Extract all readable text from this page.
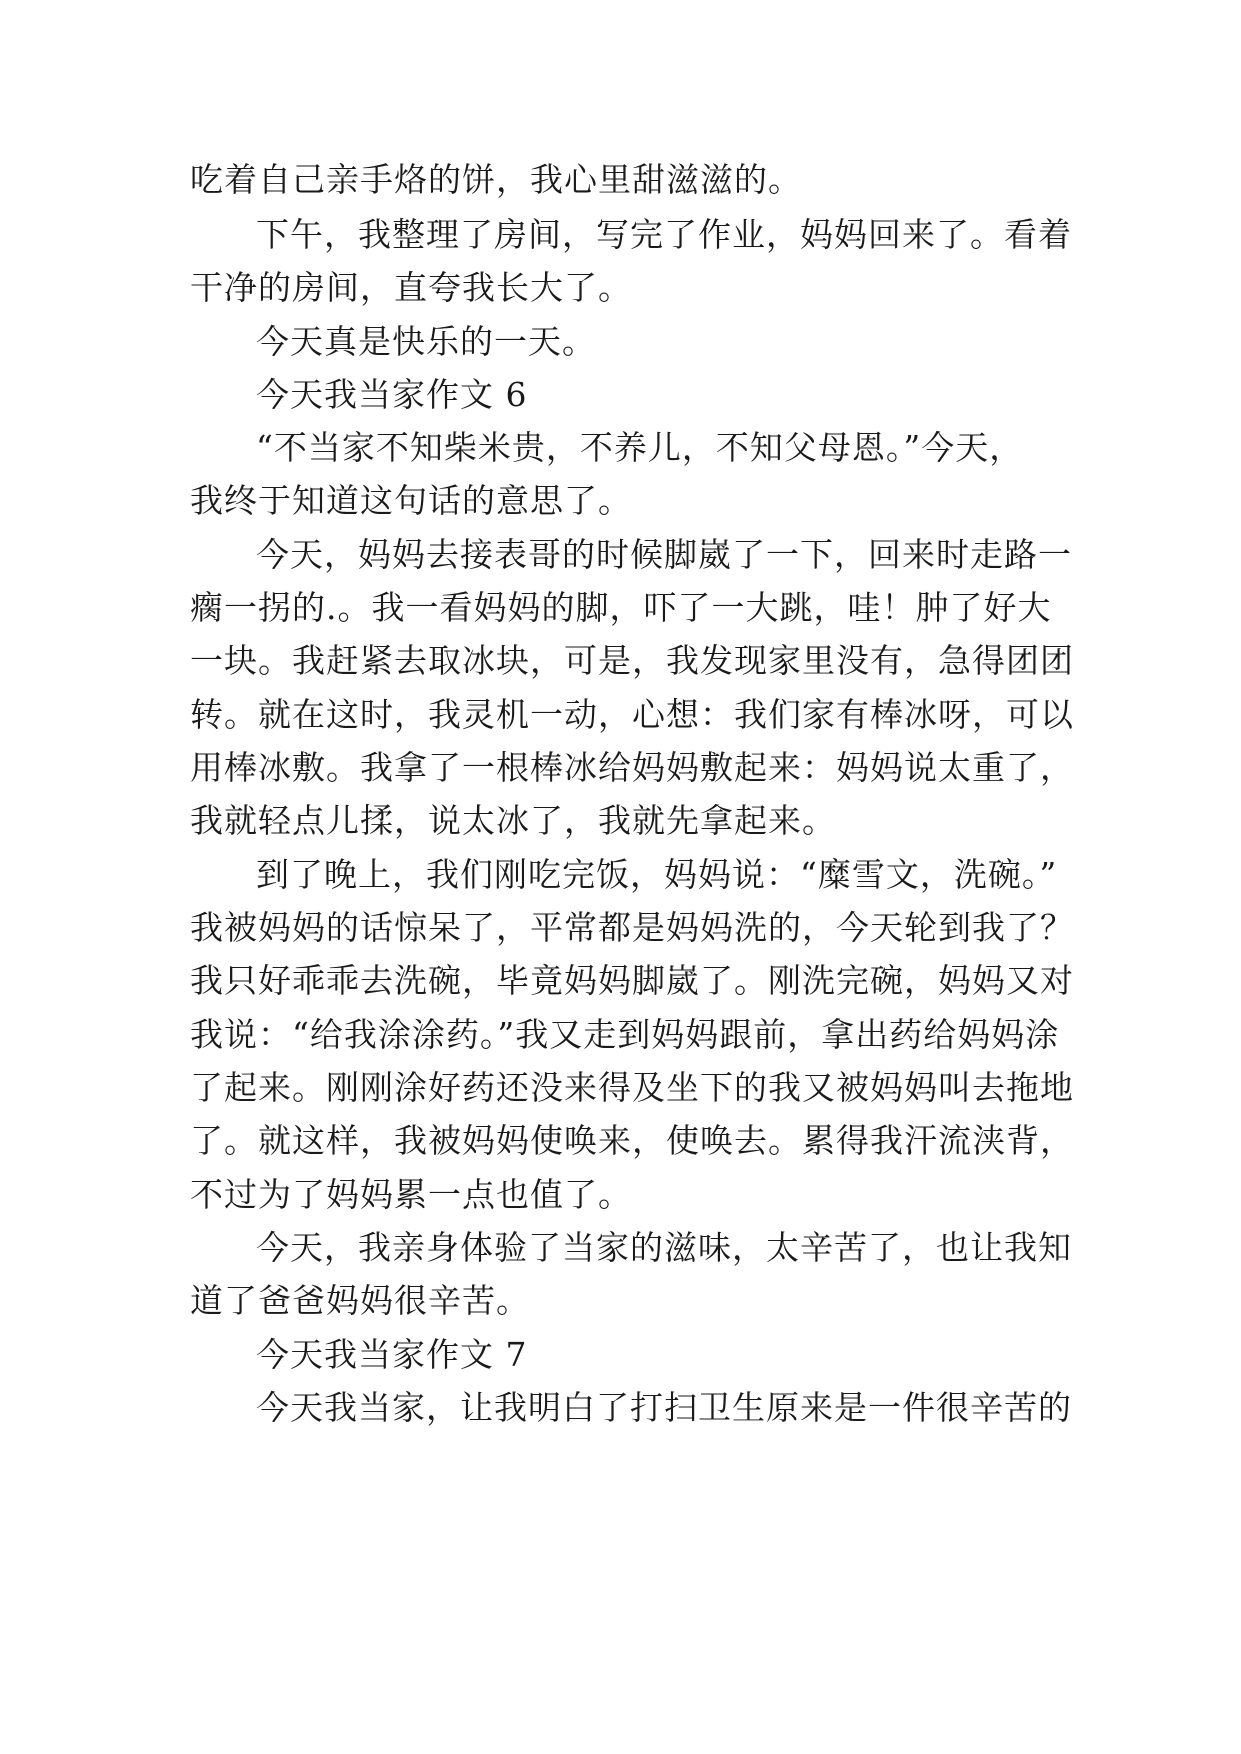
吃着自己亲手烙的饼，我心里甜滋滋的。

下午，我整理了房间，写完了作业，妈妈回来了。看着

干净的房间，直夸我长大了。

今天真是快乐的一天。

今天我当家作文 6

“不当家不知柴米贵，不养儿，不知父母恩。”今天，

我终于知道这句话的意思了。

今天，妈妈去接表哥的时候脚崴了一下，回来时走路一

瘸一拐的.。我一看妈妈的脚，吓了一大跳，哇！肿了好大

一块。我赶紧去取冰块，可是，我发现家里没有，急得团团

转。就在这时，我灵机一动，心想：我们家有棒冰呀，可以

用棒冰敷。我拿了一根棒冰给妈妈敷起来：妈妈说太重了，

我就轻点儿揉，说太冰了，我就先拿起来。

到了晚上，我们刚吃完饭，妈妈说：“糜雪文，洗碗。”

我被妈妈的话惊呆了，平常都是妈妈洗的，今天轮到我了？

我只好乖乖去洗碗，毕竟妈妈脚崴了。刚洗完碗，妈妈又对

我说：“给我涂涂药。”我又走到妈妈跟前，拿出药给妈妈涂

了起来。刚刚涂好药还没来得及坐下的我又被妈妈叫去拖地

了。就这样，我被妈妈使唤来，使唤去。累得我汗流浃背，

不过为了妈妈累一点也值了。

今天，我亲身体验了当家的滋味，太辛苦了，也让我知

道了爸爸妈妈很辛苦。

今天我当家作文 7

今天我当家，让我明白了打扫卫生原来是一件很辛苦的
